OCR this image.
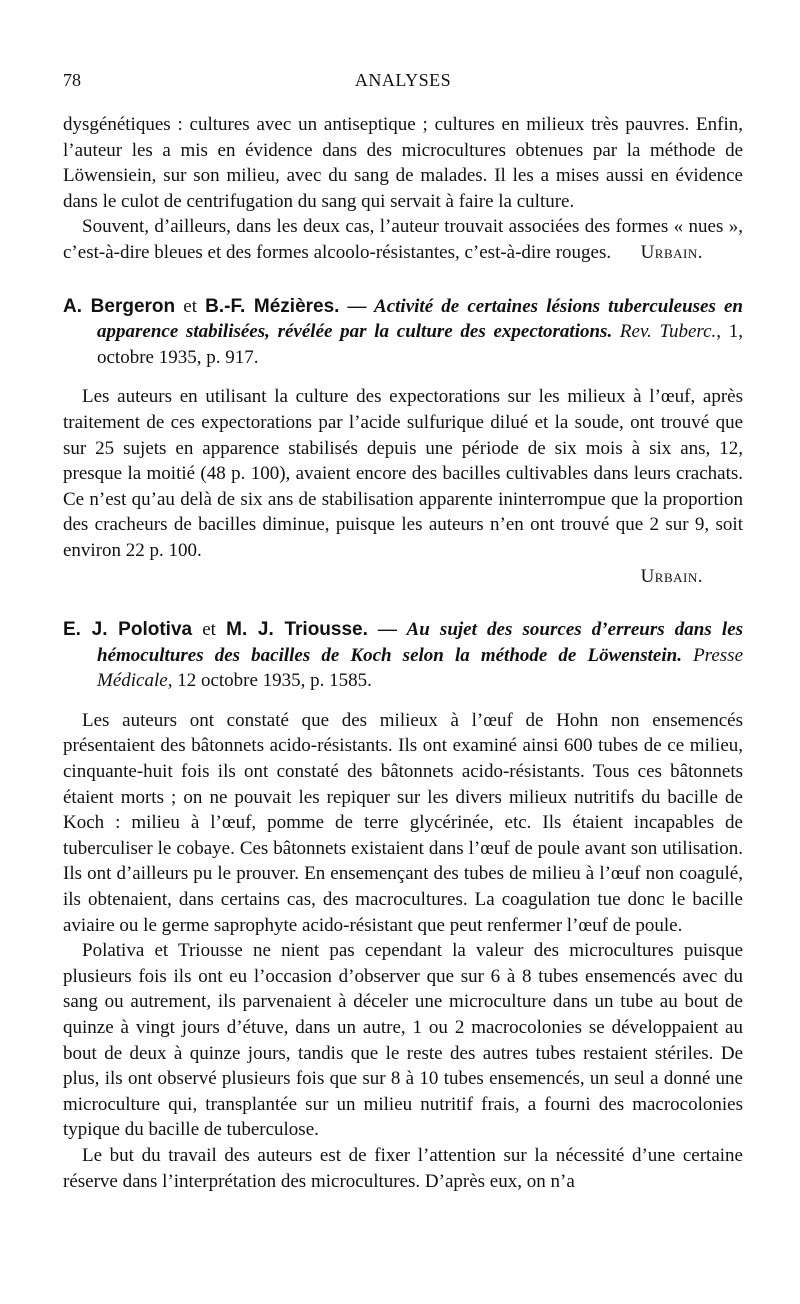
78	ANALYSES

dysgénétiques : cultures avec un antiseptique ; cultures en milieux très pauvres. Enfin, l’auteur les a mis en évidence dans des microcultures obtenues par la méthode de Löwensiein, sur son milieu, avec du sang de malades. Il les a mises aussi en évidence dans le culot de centrifugation du sang qui servait à faire la culture.

Souvent, d’ailleurs, dans les deux cas, l’auteur trouvait associées des formes « nues », c’est-à-dire bleues et des formes alcoolo-résistantes, c’est-à-dire rouges.	Urbain.

A. Bergeron et B.-F. Mézières. — Activité de certaines lésions tuberculeuses en apparence stabilisées, révélée par la culture des expectorations. Rev. Tuberc., 1, octobre 1935, p. 917.

Les auteurs en utilisant la culture des expectorations sur les milieux à l’œuf, après traitement de ces expectorations par l’acide sulfurique dilué et la soude, ont trouvé que sur 25 sujets en apparence stabilisés depuis une période de six mois à six ans, 12, presque la moitié (48 p. 100), avaient encore des bacilles cultivables dans leurs crachats. Ce n’est qu’au delà de six ans de stabilisation apparente ininterrompue que la proportion des cracheurs de bacilles diminue, puisque les auteurs n’en ont trouvé que 2 sur 9, soit environ 22 p. 100.

Urbain.

E. J. Polotiva et M. J. Triousse. — Au sujet des sources d’erreurs dans les hémocultures des bacilles de Koch selon la méthode de Löwenstein. Presse Médicale, 12 octobre 1935, p. 1585.

Les auteurs ont constaté que des milieux à l’œuf de Hohn non ensemencés présentaient des bâtonnets acido-résistants. Ils ont examiné ainsi 600 tubes de ce milieu, cinquante-huit fois ils ont constaté des bâtonnets acido-résistants. Tous ces bâtonnets étaient morts ; on ne pouvait les repiquer sur les divers milieux nutritifs du bacille de Koch : milieu à l’œuf, pomme de terre glycérinée, etc. Ils étaient incapables de tuberculiser le cobaye. Ces bâtonnets existaient dans l’œuf de poule avant son utilisation. Ils ont d’ailleurs pu le prouver. En ensemençant des tubes de milieu à l’œuf non coagulé, ils obtenaient, dans certains cas, des macrocultures. La coagulation tue donc le bacille aviaire ou le germe saprophyte acido-résistant que peut renfermer l’œuf de poule.

Polativa et Triousse ne nient pas cependant la valeur des microcultures puisque plusieurs fois ils ont eu l’occasion d’observer que sur 6 à 8 tubes ensemencés avec du sang ou autrement, ils parvenaient à déceler une microculture dans un tube au bout de quinze à vingt jours d’étuve, dans un autre, 1 ou 2 macrocolonies se développaient au bout de deux à quinze jours, tandis que le reste des autres tubes restaient stériles. De plus, ils ont observé plusieurs fois que sur 8 à 10 tubes ensemencés, un seul a donné une microculture qui, transplantée sur un milieu nutritif frais, a fourni des macrocolonies typique du bacille de tuberculose.

Le but du travail des auteurs est de fixer l’attention sur la nécessité d’une certaine réserve dans l’interprétation des microcultures. D’après eux, on n’a
